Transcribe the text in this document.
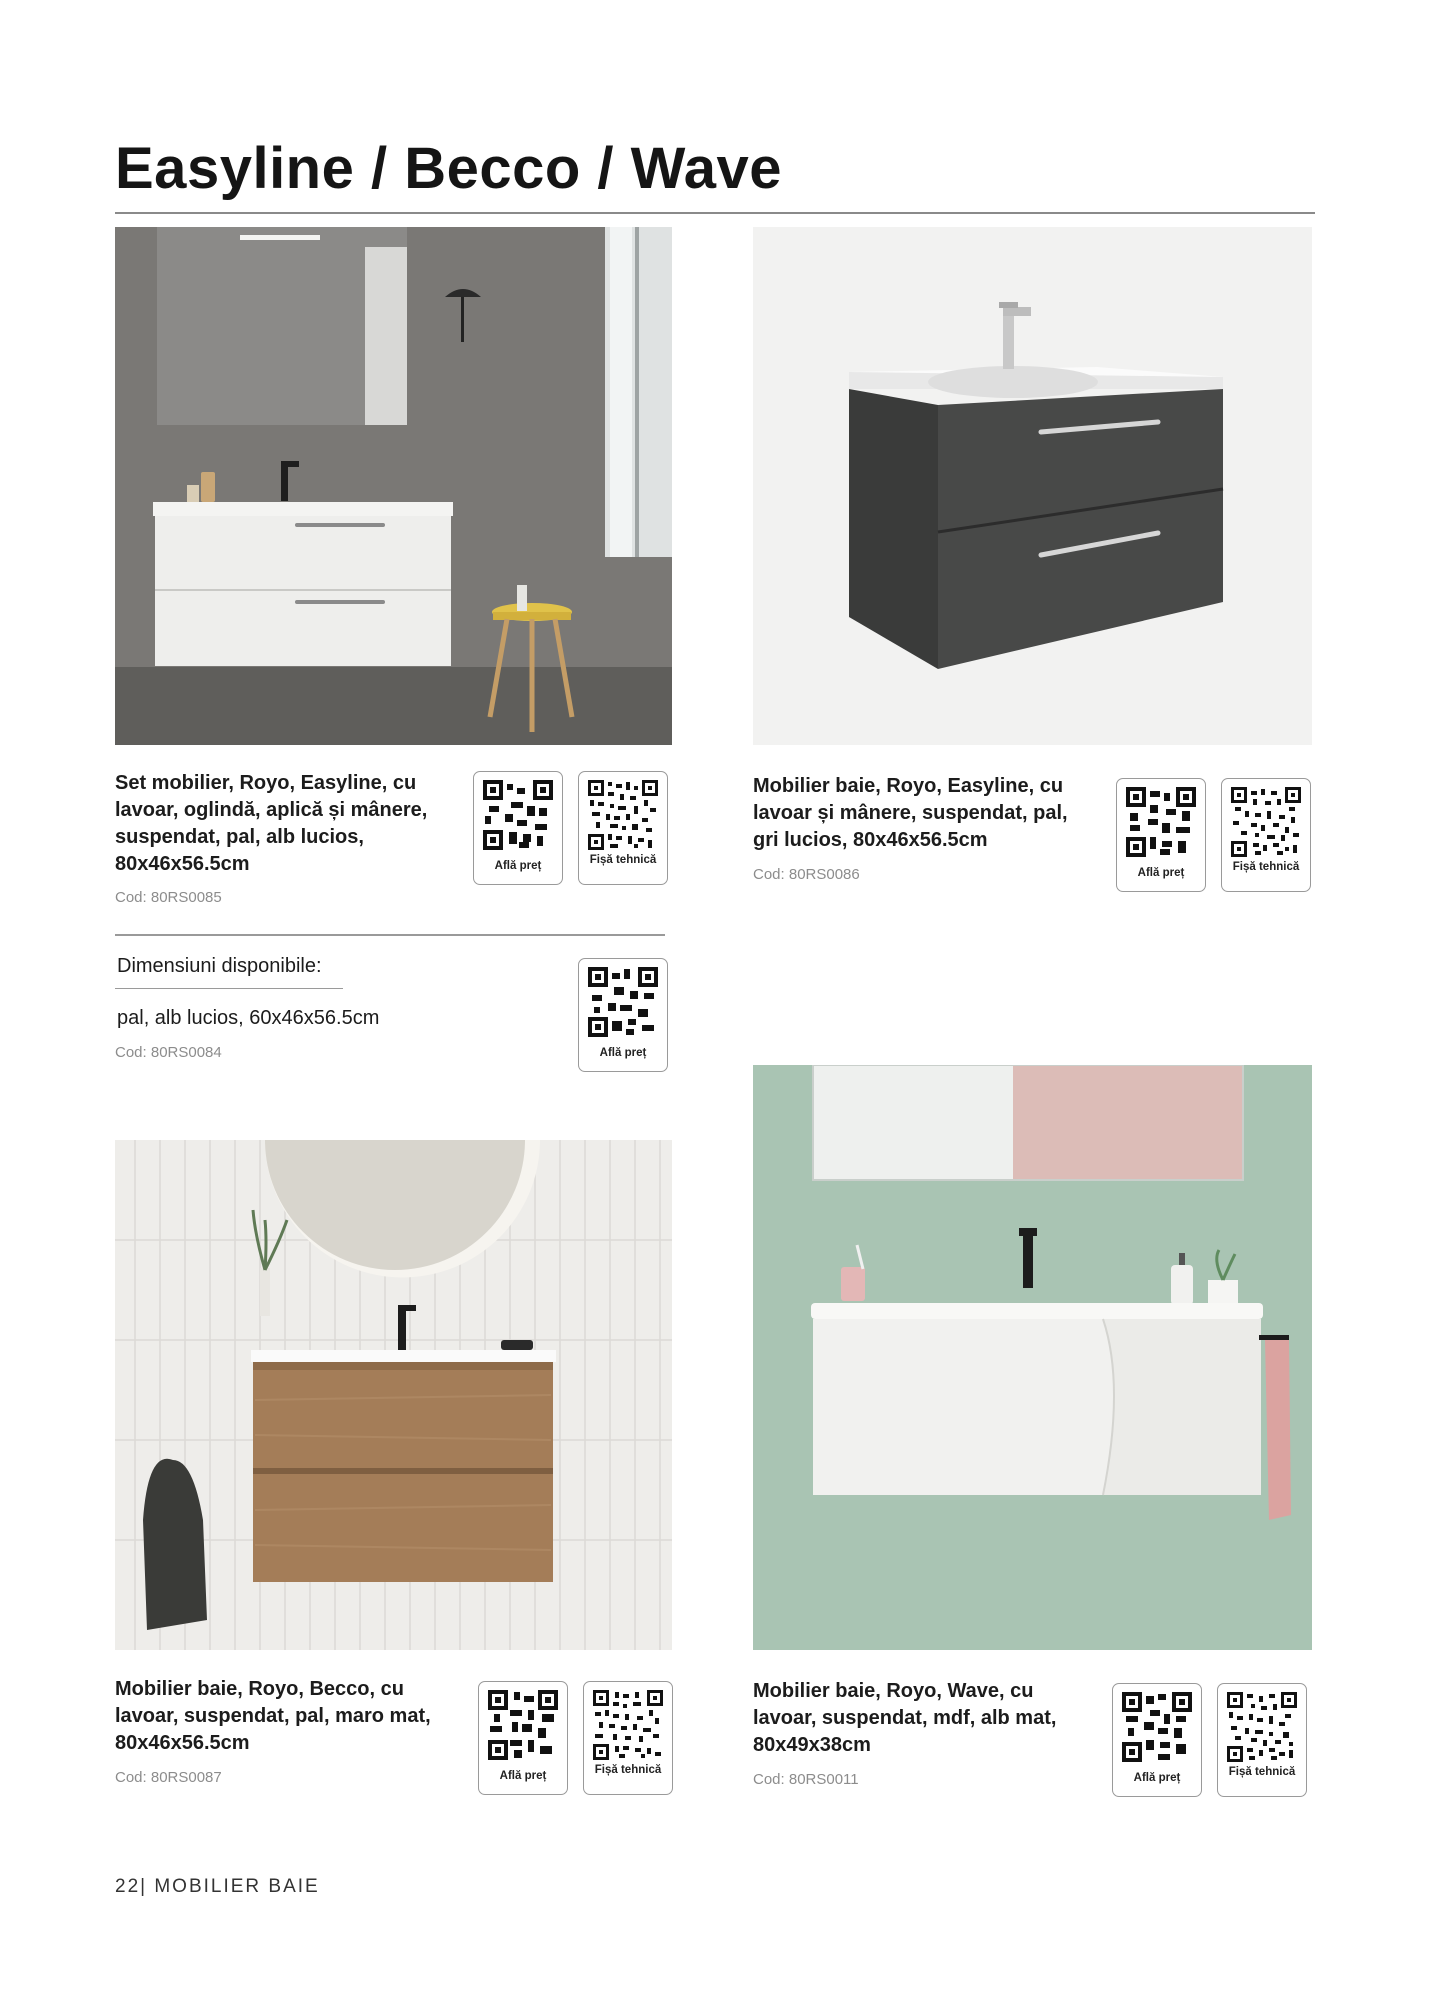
Easyline / Becco / Wave
Set mobilier, Royo, Easyline, cu lavoar, oglindă, aplică și mânere, suspendat, pal, alb lucios, 80x46x56.5cm
Cod: 80RS0085
Află preț	Fișă tehnică
Dimensiuni disponibile:
pal, alb lucios, 60x46x56.5cm
Cod: 80RS0084	Află preț
Mobilier baie, Royo, Easyline, cu lavoar și mânere, suspendat, pal, gri lucios, 80x46x56.5cm
Cod: 80RS0086	Află preț	Fișă tehnică
Mobilier baie, Royo, Becco, cu lavoar, suspendat, pal, maro mat, 80x46x56.5cm
Cod: 80RS0087	Află preț	Fișă tehnică
Mobilier baie, Royo, Wave, cu lavoar, suspendat, mdf, alb mat, 80x49x38cm
Cod: 80RS0011	Află preț	Fișă tehnică
22| MOBILIER BAIE
